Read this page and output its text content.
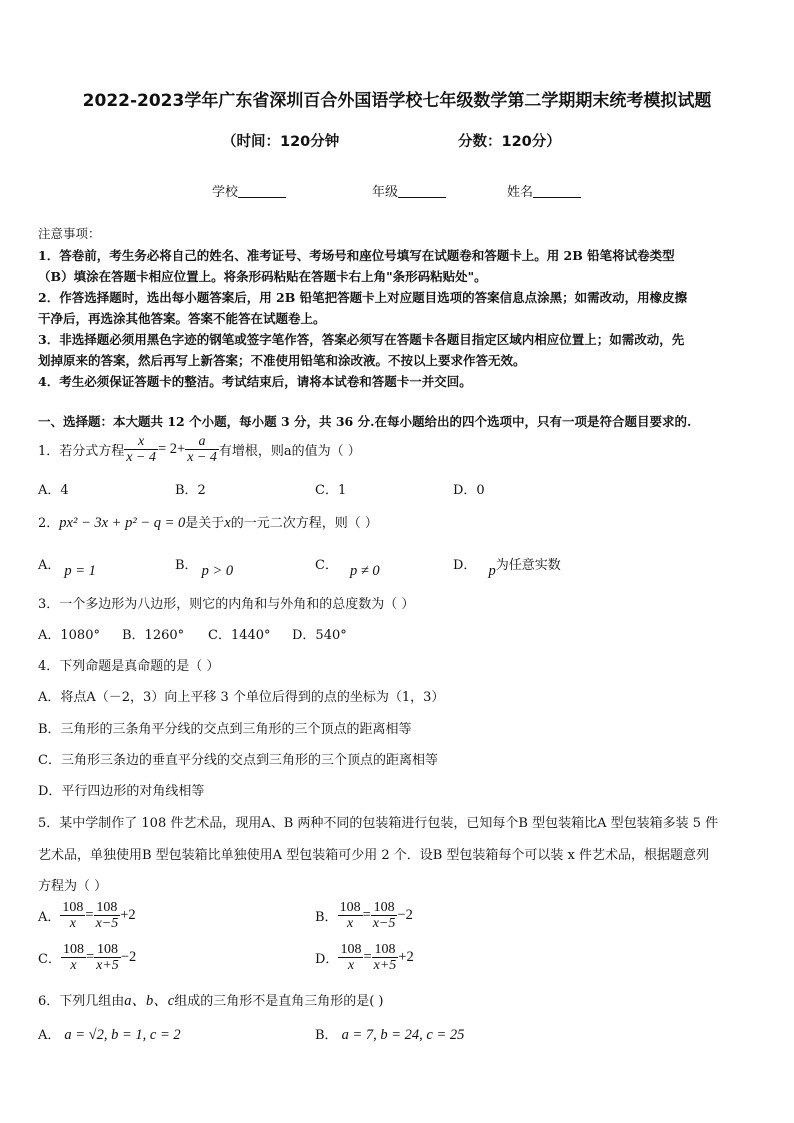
2022-2023学年广东省深圳百合外国语学校七年级数学第二学期期末统考模拟试题
（时间：120分钟	分数：120分）
学校	年级	姓名
注意事项：
1．答卷前，考生务必将自己的姓名、准考证号、考场号和座位号填写在试题卷和答题卡上。用 2B 铅笔将试卷类型
（B）填涂在答题卡相应位置上。将条形码粘贴在答题卡右上角"条形码粘贴处"。
2．作答选择题时，选出每小题答案后，用 2B 铅笔把答题卡上对应题目选项的答案信息点涂黑；如需改动，用橡皮擦
干净后，再选涂其他答案。答案不能答在试题卷上。
3．非选择题必须用黑色字迹的钢笔或签字笔作答，答案必须写在答题卡各题目指定区域内相应位置上；如需改动，先
划掉原来的答案，然后再写上新答案；不准使用铅笔和涂改液。不按以上要求作答无效。
4．考生必须保证答题卡的整洁。考试结束后，请将本试卷和答题卡一并交回。
一、选择题：本大题共 12 个小题，每小题 3 分，共 36 分.在每小题给出的四个选项中，只有一项是符合题目要求的.
1．若分式方程 $\frac{x}{x - 4} = 2+ \frac{a}{x - 4}$ 有增根，则a的值为（ ）
A．4	B．2	C．1	D．0
2．px² − 3x + p² − q = 0是关于x的一元二次方程，则（ ）
A． p = 1	B． p > 0	C． p ≠ 0	D． p为任意实数
3．一个多边形为八边形，则它的内角和与外角和的总度数为（ ）
A．1080° B．1260° C．1440° D．540°
4．下列命题是真命题的是（ ）
A．将点A（－2，3）向上平移 3 个单位后得到的点的坐标为（1，3）
B．三角形的三条角平分线的交点到三角形的三个顶点的距离相等
C．三角形三条边的垂直平分线的交点到三角形的三个顶点的距离相等
D．平行四边形的对角线相等
5．某中学制作了 108 件艺术品，现用A、B 两种不同的包装箱进行包装，已知每个B 型包装箱比A 型包装箱多装 5 件
艺术品，单独使用B 型包装箱比单独使用A 型包装箱可少用 2 个．设B 型包装箱每个可以装 x 件艺术品，根据题意列
方程为（ ）
A． $\frac{108}{x} = \frac{108}{x-5} +2$	B． $\frac{108}{x} = \frac{108}{x-5} -2$
C． $\frac{108}{x} = \frac{108}{x+5} -2$	D． $\frac{108}{x} = \frac{108}{x+5} +2$
6．下列几组由a、b、c组成的三角形不是直角三角形的是( )
A． a = √2, b = 1, c = 2	B． a = 7, b = 24, c = 25
